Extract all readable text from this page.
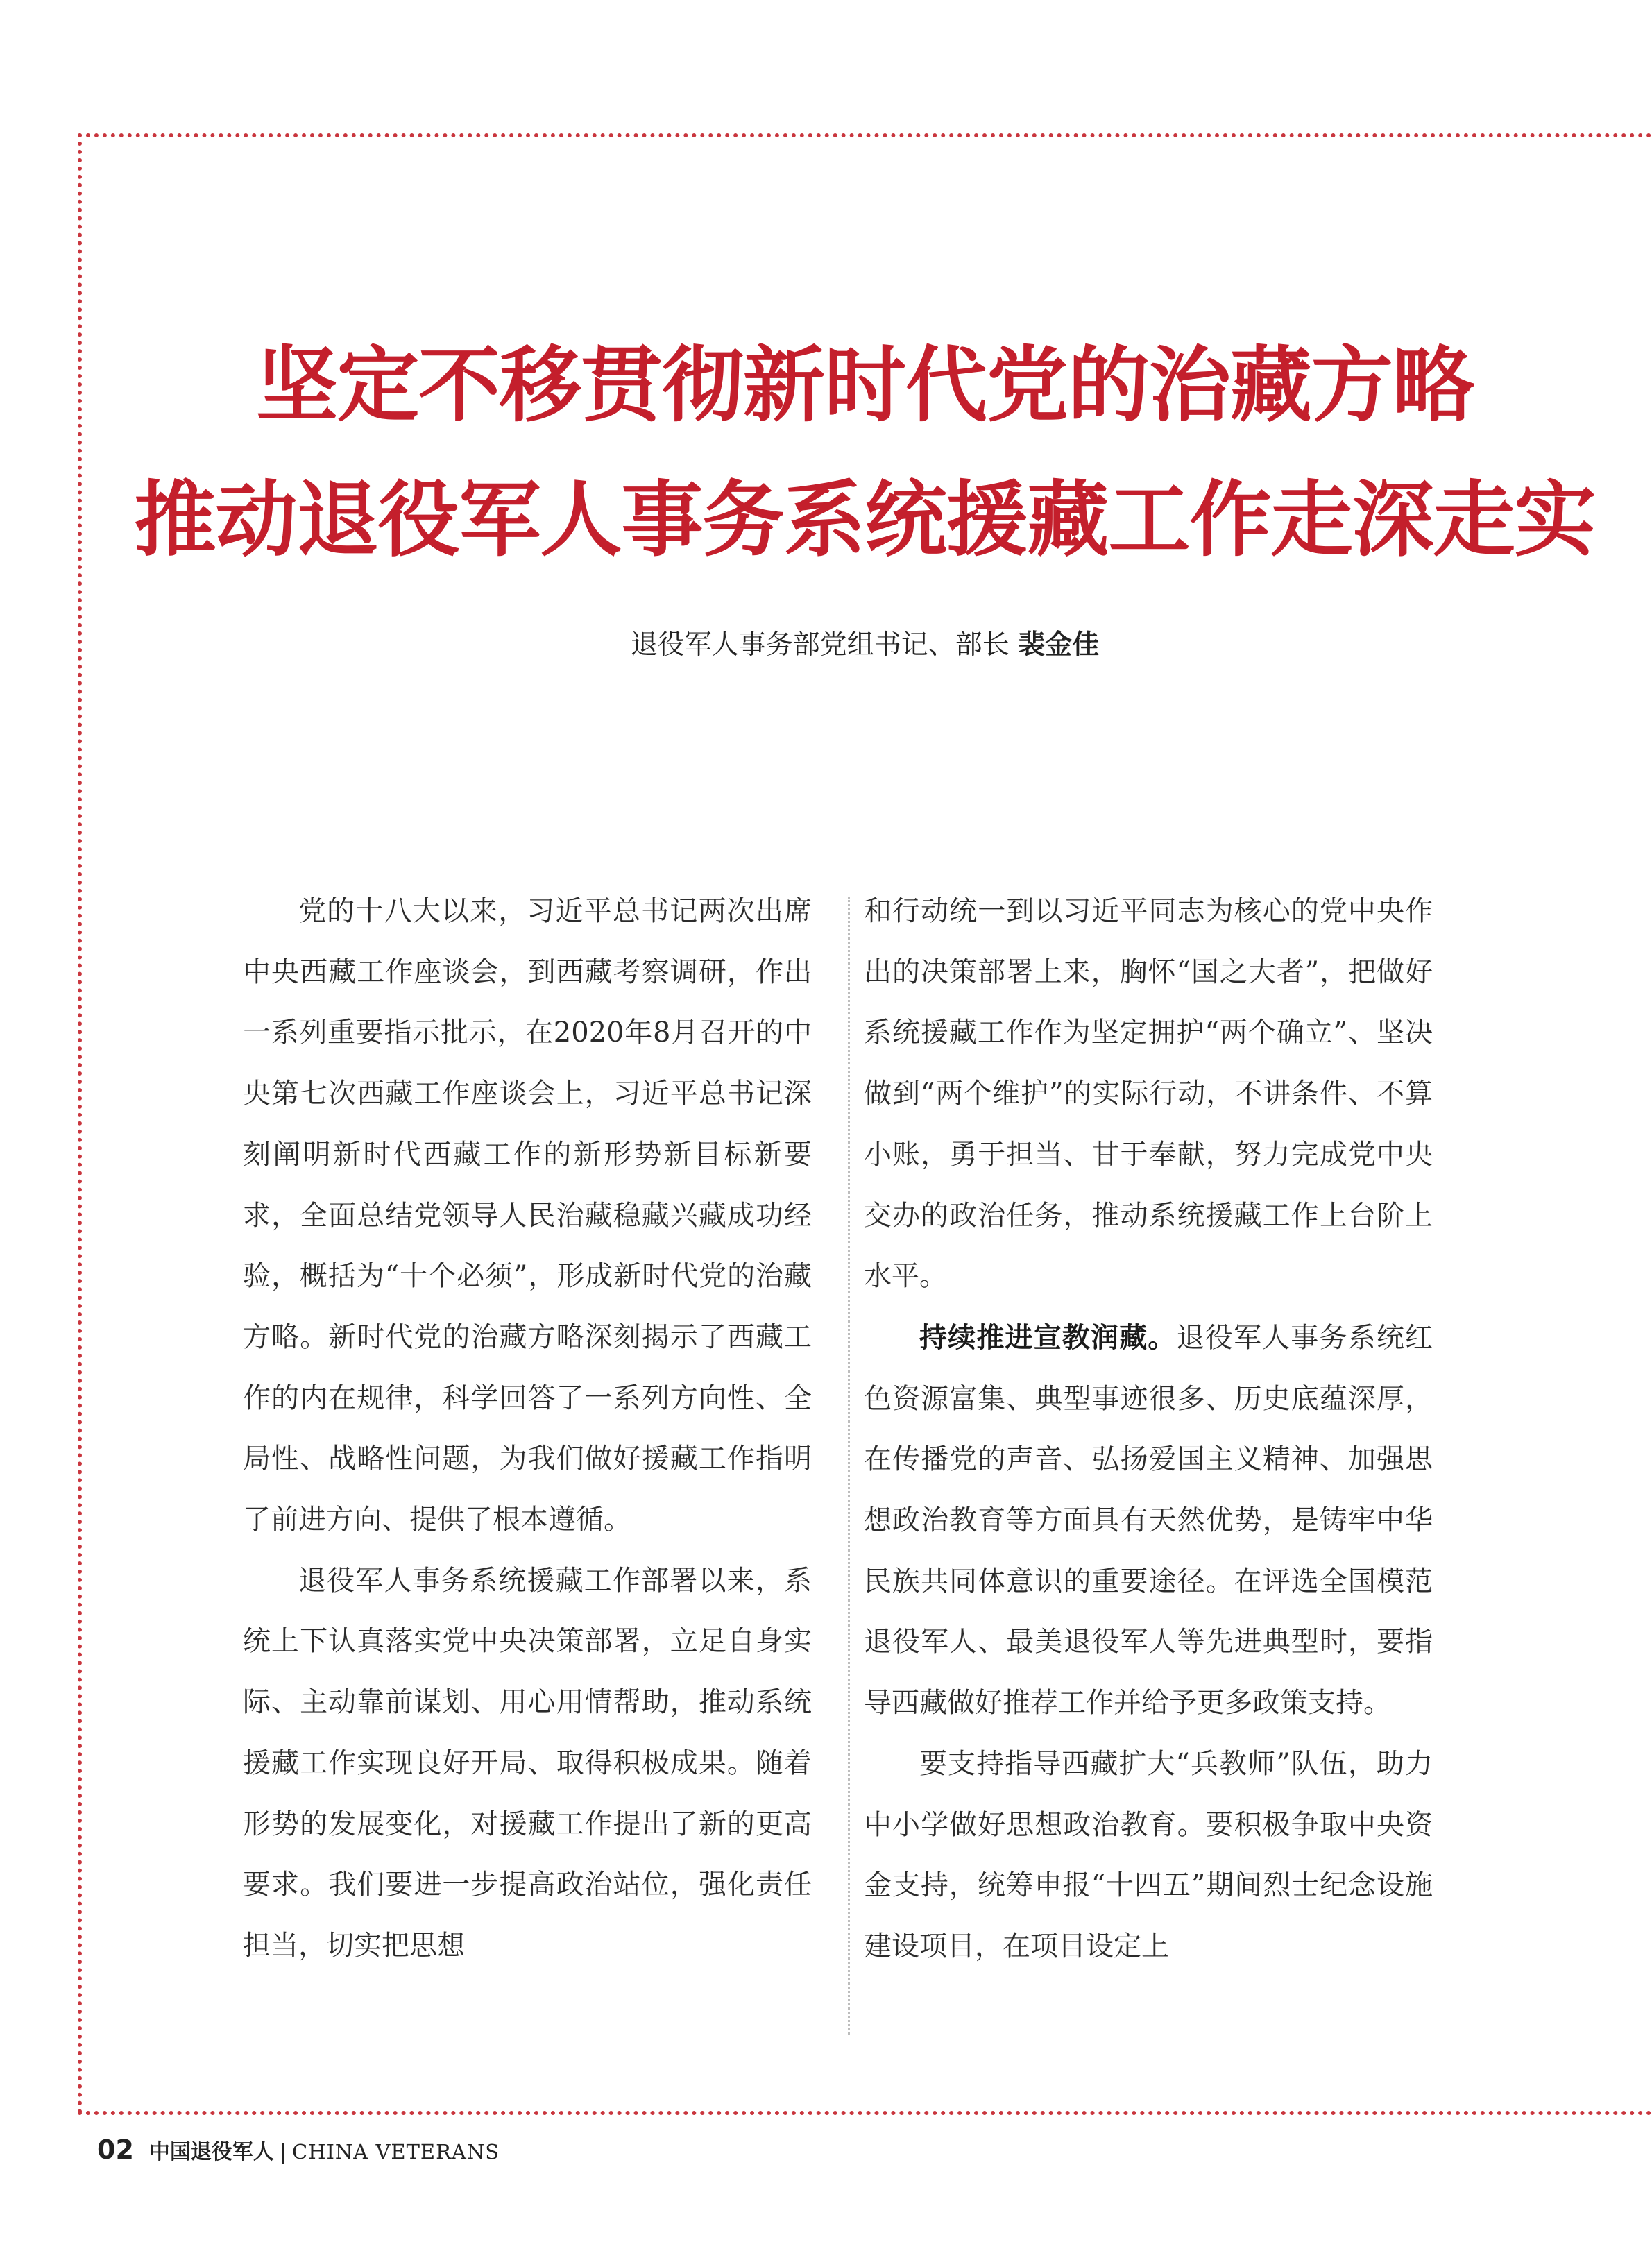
坚定不移贯彻新时代党的治藏方略
推动退役军人事务系统援藏工作走深走实

退役军人事务部党组书记、部长 裴金佳

党的十八大以来，习近平总书记两次出席中央西藏工作座谈会，到西藏考察调研，作出一系列重要指示批示，在2020年8月召开的中央第七次西藏工作座谈会上，习近平总书记深刻阐明新时代西藏工作的新形势新目标新要求，全面总结党领导人民治藏稳藏兴藏成功经验，概括为“十个必须”，形成新时代党的治藏方略。新时代党的治藏方略深刻揭示了西藏工作的内在规律，科学回答了一系列方向性、全局性、战略性问题，为我们做好援藏工作指明了前进方向、提供了根本遵循。

退役军人事务系统援藏工作部署以来，系统上下认真落实党中央决策部署，立足自身实际、主动靠前谋划、用心用情帮助，推动系统援藏工作实现良好开局、取得积极成果。随着形势的发展变化，对援藏工作提出了新的更高要求。我们要进一步提高政治站位，强化责任担当，切实把思想

和行动统一到以习近平同志为核心的党中央作出的决策部署上来，胸怀“国之大者”，把做好系统援藏工作作为坚定拥护“两个确立”、坚决做到“两个维护”的实际行动，不讲条件、不算小账，勇于担当、甘于奉献，努力完成党中央交办的政治任务，推动系统援藏工作上台阶上水平。

持续推进宣教润藏。退役军人事务系统红色资源富集、典型事迹很多、历史底蕴深厚，在传播党的声音、弘扬爱国主义精神、加强思想政治教育等方面具有天然优势，是铸牢中华民族共同体意识的重要途径。在评选全国模范退役军人、最美退役军人等先进典型时，要指导西藏做好推荐工作并给予更多政策支持。

要支持指导西藏扩大“兵教师”队伍，助力中小学做好思想政治教育。要积极争取中央资金支持，统筹申报“十四五”期间烈士纪念设施建设项目，在项目设定上

02 中国退役军人 | CHINA VETERANS
